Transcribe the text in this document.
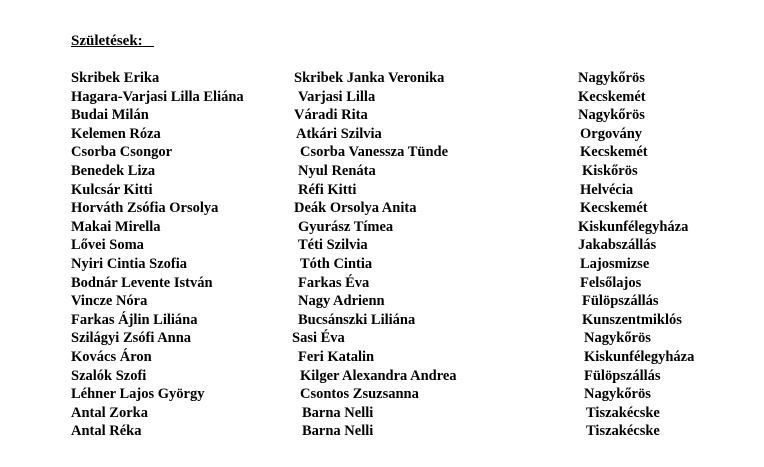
Születések:
Skribek Erika	Skribek Janka Veronika	Nagykőrös
Hagara-Varjasi Lilla Eliána	Varjasi Lilla	Kecskemét
Budai Milán	Váradi Rita	Nagykőrös
Kelemen Róza	Atkári Szilvia	Orgovány
Csorba Csongor	Csorba Vanessza Tünde	Kecskemét
Benedek Liza	Nyul Renáta	Kiskőrös
Kulcsár Kitti	Réfi Kitti	Helvécia
Horváth Zsófia Orsolya	Deák Orsolya Anita	Kecskemét
Makai Mirella	Gyurász Tímea	Kiskunfélegyháza
Lővei Soma	Téti Szilvia	Jakabszállás
Nyiri Cintia Szofia	Tóth Cintia	Lajosmizse
Bodnár Levente István	Farkas Éva	Felsőlajos
Vincze Nóra	Nagy Adrienn	Fülöpszállás
Farkas Ájlin Liliána	Bucsánszki Liliána	Kunszentmiklós
Szilágyi Zsófi Anna	Sasi Éva	Nagykőrös
Kovács Áron	Feri Katalin	Kiskunfélegyháza
Szalók Szofi	Kilger Alexandra Andrea	Fülöpszállás
Léhner Lajos György	Csontos Zsuzsanna	Nagykőrös
Antal Zorka	Barna Nelli	Tiszakécske
Antal Réka	Barna Nelli	Tiszakécske
